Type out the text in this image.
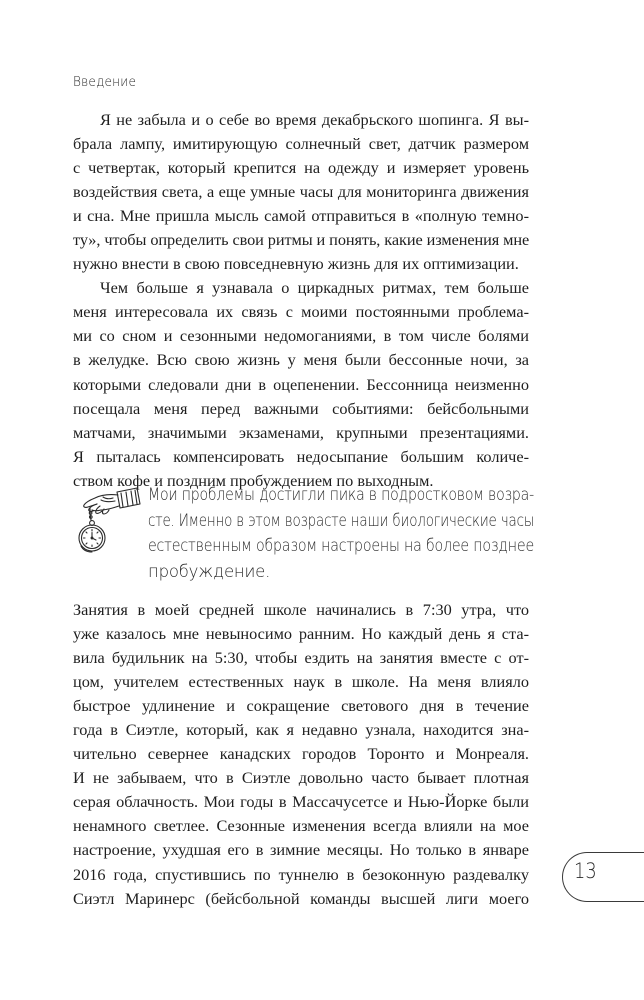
Введение

Я не забыла и о себе во время декабрьского шопинга. Я вы-
брала лампу, имитирующую солнечный свет, датчик размером
с четвертак, который крепится на одежду и измеряет уровень
воздействия света, а еще умные часы для мониторинга движения
и сна. Мне пришла мысль самой отправиться в «полную темно-
ту», чтобы определить свои ритмы и понять, какие изменения мне
нужно внести в свою повседневную жизнь для их оптимизации.

Чем больше я узнавала о циркадных ритмах, тем больше
меня интересовала их связь с моими постоянными проблема-
ми со сном и сезонными недомоганиями, в том числе болями
в желудке. Всю свою жизнь у меня были бессонные ночи, за
которыми следовали дни в оцепенении. Бессонница неизменно
посещала меня перед важными событиями: бейсбольными
матчами, значимыми экзаменами, крупными презентациями.
Я пыталась компенсировать недосыпание большим количе-
ством кофе и поздним пробуждением по выходным.

Мои проблемы достигли пика в подростковом возра-
сте. Именно в этом возрасте наши биологические часы
естественным образом настроены на более позднее
пробуждение.

Занятия в моей средней школе начинались в 7:30 утра, что
уже казалось мне невыносимо ранним. Но каждый день я ста-
вила будильник на 5:30, чтобы ездить на занятия вместе с от-
цом, учителем естественных наук в школе. На меня влияло
быстрое удлинение и сокращение светового дня в течение
года в Сиэтле, который, как я недавно узнала, находится зна-
чительно севернее канадских городов Торонто и Монреаля.
И не забываем, что в Сиэтле довольно часто бывает плотная
серая облачность. Мои годы в Массачусетсе и Нью-Йорке были
ненамного светлее. Сезонные изменения всегда влияли на мое
настроение, ухудшая его в зимние месяцы. Но только в январе
2016 года, спустившись по туннелю в безоконную раздевалку
Сиэтл Маринерс (бейсбольной команды высшей лиги моего

13
